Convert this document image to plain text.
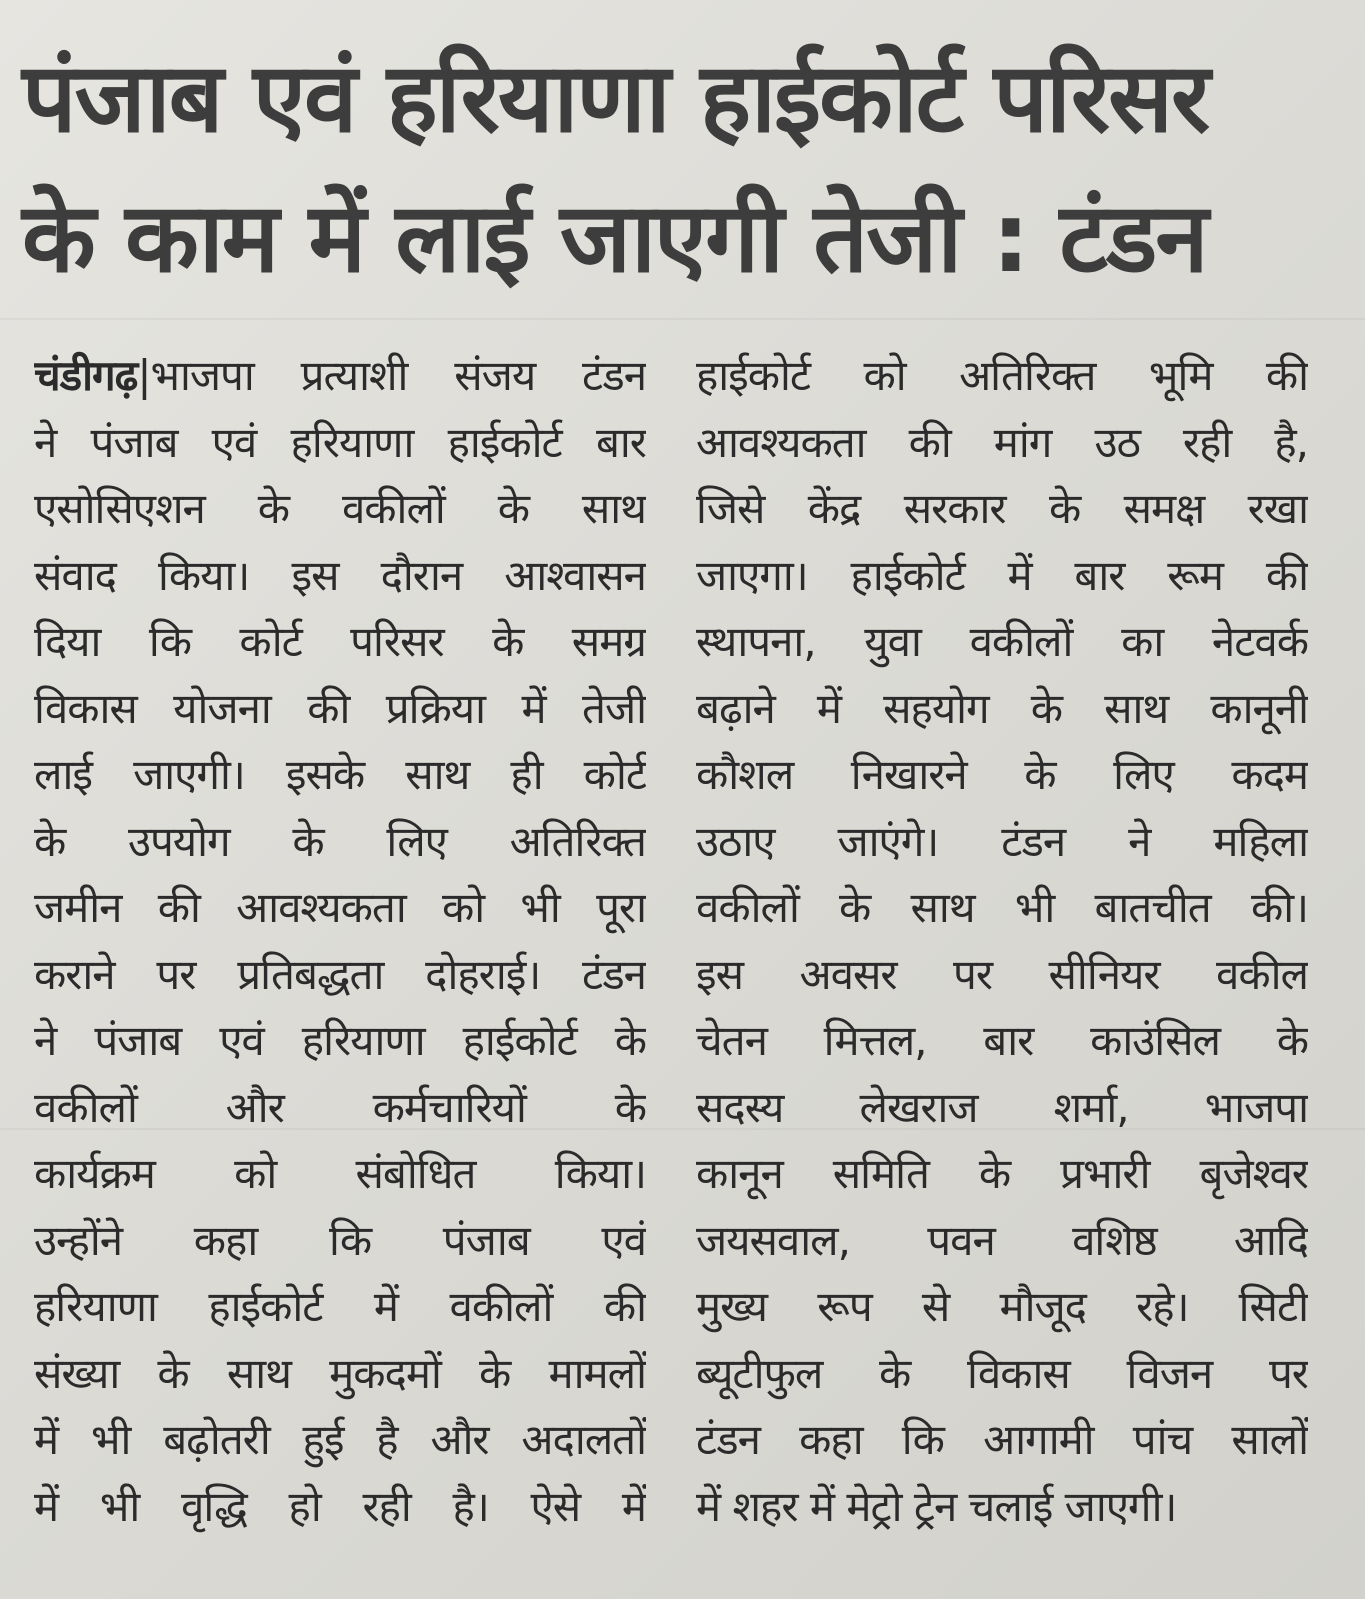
पंजाब एवं हरियाणा हाईकोर्ट परिसर
के काम में लाई जाएगी तेजी : टंडन
चंडीगढ़|भाजपा प्रत्याशी संजय टंडन
ने पंजाब एवं हरियाणा हाईकोर्ट बार
एसोसिएशन के वकीलों के साथ
संवाद किया। इस दौरान आश्वासन
दिया कि कोर्ट परिसर के समग्र
विकास योजना की प्रक्रिया में तेजी
लाई जाएगी। इसके साथ ही कोर्ट
के उपयोग के लिए अतिरिक्त
जमीन की आवश्यकता को भी पूरा
कराने पर प्रतिबद्धता दोहराई। टंडन
ने पंजाब एवं हरियाणा हाईकोर्ट के
वकीलों और कर्मचारियों के
कार्यक्रम को संबोधित किया।
उन्होंने कहा कि पंजाब एवं
हरियाणा हाईकोर्ट में वकीलों की
संख्या के साथ मुकदमों के मामलों
में भी बढ़ोतरी हुई है और अदालतों
में भी वृद्धि हो रही है। ऐसे में
हाईकोर्ट को अतिरिक्त भूमि की
आवश्यकता की मांग उठ रही है,
जिसे केंद्र सरकार के समक्ष रखा
जाएगा। हाईकोर्ट में बार रूम की
स्थापना, युवा वकीलों का नेटवर्क
बढ़ाने में सहयोग के साथ कानूनी
कौशल निखारने के लिए कदम
उठाए जाएंगे। टंडन ने महिला
वकीलों के साथ भी बातचीत की।
इस अवसर पर सीनियर वकील
चेतन मित्तल, बार काउंसिल के
सदस्य लेखराज शर्मा, भाजपा
कानून समिति के प्रभारी बृजेश्वर
जयसवाल, पवन वशिष्ठ आदि
मुख्य रूप से मौजूद रहे। सिटी
ब्यूटीफुल के विकास विजन पर
टंडन कहा कि आगामी पांच सालों
में शहर में मेट्रो ट्रेन चलाई जाएगी।
